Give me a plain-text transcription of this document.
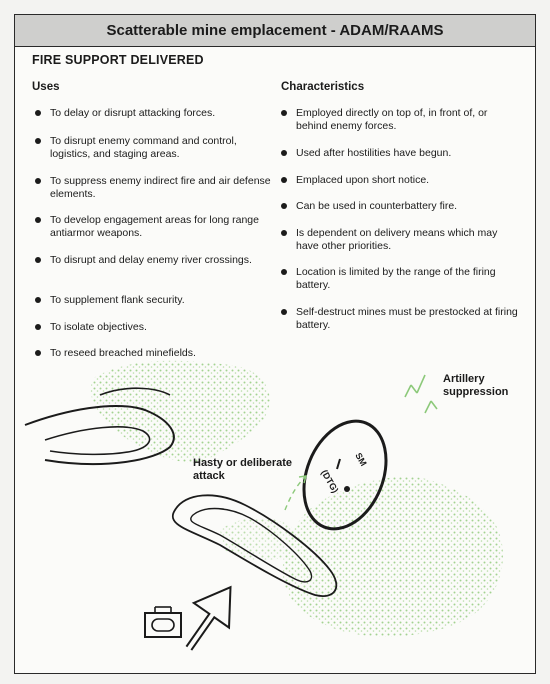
Scatterable mine emplacement - ADAM/RAAMS
FIRE SUPPORT DELIVERED
Uses	Characteristics
To delay or disrupt attacking forces.
To disrupt enemy command and control, logistics, and staging areas.
To suppress enemy indirect fire and air defense elements.
To develop engagement areas for long range antiarmor weapons.
To disrupt and delay enemy river crossings.
To supplement flank security.
To isolate objectives.
To reseed breached minefields.
Employed directly on top of, in front of, or behind enemy forces.
Used after hostilities have begun.
Emplaced upon short notice.
Can be used in counterbattery fire.
Is dependent on delivery means which may have other priorities.
Location is limited by the range of the firing battery.
Self-destruct mines must be prestocked at firing battery.
SM
(DTG)
Hasty or deliberate attack
Artillery suppression
